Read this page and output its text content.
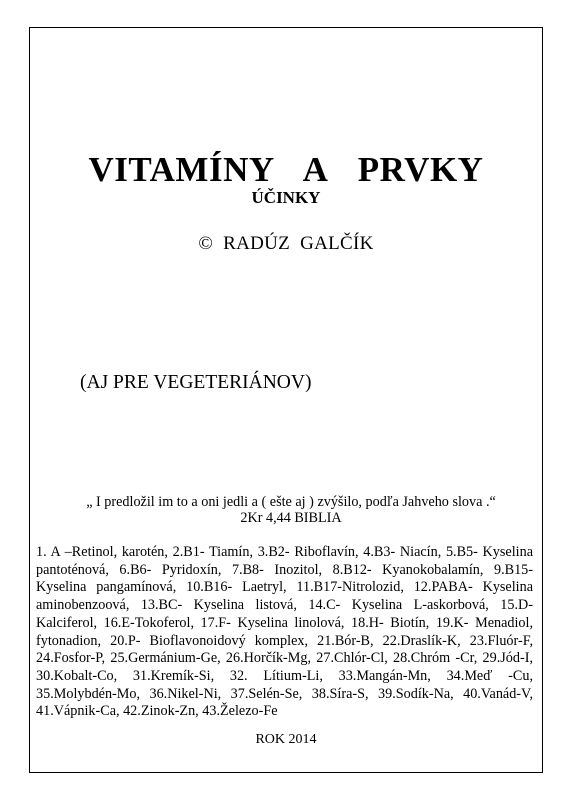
VITAMÍNY A PRVKY
ÚČINKY
© RADÚZ GALČÍK
(AJ PRE VEGETERIÁNOV)
„ I predložil im to a oni jedli a ( ešte aj ) zvýšilo, podľa Jahveho slova .“
2Kr 4,44 BIBLIA
1. A –Retinol, karotén, 2.B1- Tiamín, 3.B2- Riboflavín, 4.B3- Niacín, 5.B5- Kyselina pantoténová, 6.B6- Pyridoxín, 7.B8- Inozitol, 8.B12- Kyanokobalamín, 9.B15-Kyselina pangamínová, 10.B16- Laetryl, 11.B17-Nitrolozid, 12.PABA- Kyselina aminobenzoová, 13.BC- Kyselina listová, 14.C- Kyselina L-askorbová, 15.D- Kalciferol, 16.E-Tokoferol, 17.F- Kyselina linolová, 18.H- Biotín, 19.K- Menadiol, fytonadion, 20.P- Bioflavonoidový komplex, 21.Bór-B, 22.Draslík-K, 23.Fluór-F, 24.Fosfor-P, 25.Germánium-Ge, 26.Horčík-Mg, 27.Chlór-Cl, 28.Chróm -Cr, 29.Jód-I, 30.Kobalt-Co, 31.Kremík-Si, 32. Lítium-Li, 33.Mangán-Mn, 34.Meď -Cu, 35.Molybdén-Mo, 36.Nikel-Ni, 37.Selén-Se, 38.Síra-S, 39.Sodík-Na, 40.Vanád-V, 41.Vápnik-Ca, 42.Zinok-Zn, 43.Železo-Fe
ROK 2014
